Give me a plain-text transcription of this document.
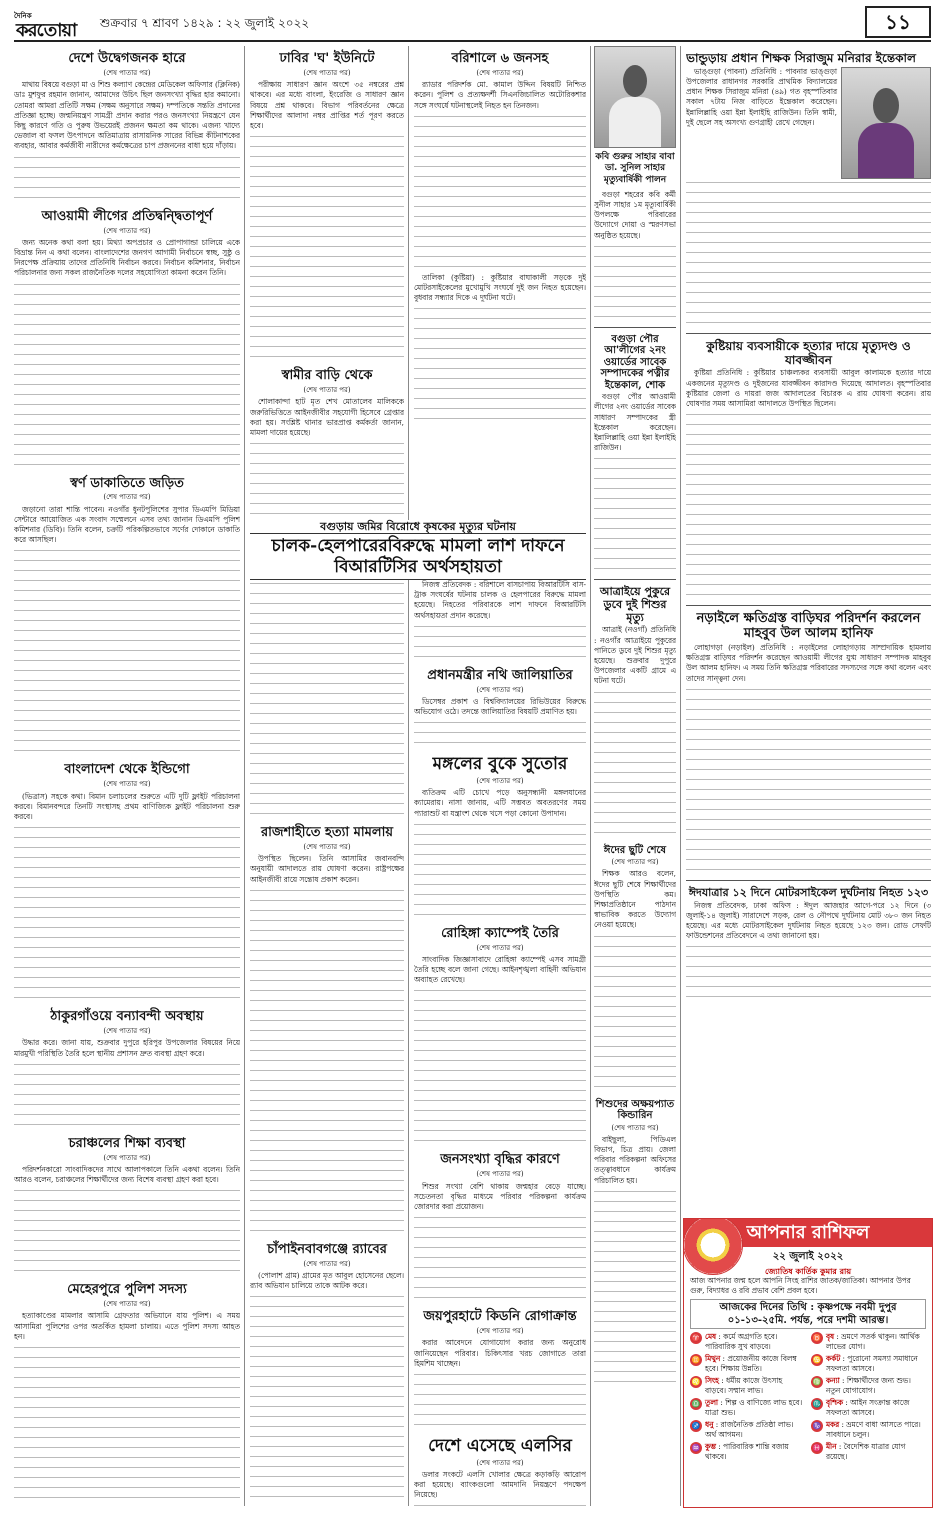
দৈনিক
করতোয়া শুক্রবার ৭ শ্রাবণ ১৪২৯ : ২২ জুলাই ২০২২	১১
দেশে উদ্বেগজনক হারে
(শেষ পাতার পর)

মাথায় বিষয়ে বগুড়া মা ও শিশু কল্যাণ কেন্দ্রের মেডিকেল অফিসার (ক্লিনিক) ডাঃ মুশফুর রহমান জানান, আমাদের উচিৎ ছিল জনসংখ্যা বৃদ্ধির হার কমানো। তোমরা আমরা প্রতিটি সক্ষম (সক্ষম অনুসারে সক্ষম) দম্পতিকে সন্ততি প্রদানের প্রতিজ্ঞা হচ্ছে। জন্মনিয়ন্ত্রণ সামগ্রী প্রদান করার পরও জনসংখ্যা নিয়ন্ত্রণে যেন কিছু কারণে গতি ও পুরুষ উভয়েরই প্রজনন ক্ষমতা কম থাকে। এজন্য খাদ্যে ভেজাল বা ফসল উৎপাদনে অতিমাত্রায় রাসায়নিক সারের বিভিন্ন কীটনাশকের ব্যবহার, আবার কর্মজীবী নারীদের কর্মক্ষেত্রের চাপ প্রজননের বাধা হয়ে দাঁড়ায়।

আওয়ামী লীগের প্রতিদ্বন্দ্বিতাপূর্ণ
(শেষ পাতার পর)

জন্য অনেক কথা বলা হয়। মিথ্যা অপপ্রচার ও প্রোপাগান্ডা চালিয়ে একে বিভ্রান্ত নিন এ কথা বলেন। বাংলাদেশের জনগণ আগামী নির্বাচনে স্বচ্ছ, সুষ্ঠু ও নিরপেক্ষ প্রক্রিয়ায় তাদের প্রতিনিধি নির্বাচন করবে। নির্বাচন কমিশনার, নির্বাচন পরিচালনার জন্য সকল রাজনৈতিক দলের সহযোগিতা কামনা করেন তিনি।

স্বর্ণ ডাকাতিতে জড়িত
(শেষ পাতার পর)

জড়ানো তারা শান্তি পাবেন। নওগাঁর ধুনটপুলিশের সুপার ডিএমপি মিডিয়া সেন্টারে আয়োজিত এক সংবাদ সম্মেলনে এসব তথ্য জানান ডিএমপি পুলিশ কমিশনার (ডিবি)। তিনি বলেন, চক্রটি পরিকল্পিতভাবে সর্ণের দোকানে ডাকাতি করে আসছিল।

বাংলাদেশ থেকে ইন্ডিগো
(শেষ পাতার পর)

(ভিত্রাস) সহকে কথা। বিমান চলাচলের শুরুতে এটি দুটি ফ্লাইট পরিচালনা করবে। বিমানবন্দরে তিনটি সংস্থাসহ প্রথম বাণিজ্যিক ফ্লাইট পরিচালনা শুরু করবে।

ঠাকুরগাঁওয়ে বন্যাবন্দী অবস্থায়
(শেষ পাতার পর)

উদ্ধার করে। জানা যায়, শুক্রবার দুপুরে হরিপুর উপজেলার বিষয়ের নিয়ে মারমুখী পরিস্থিতি তৈরি হলে স্থানীয় প্রশাসন দ্রুত ব্যবস্থা গ্রহণ করে।

চরাঞ্চলের শিক্ষা ব্যবস্থা
(শেষ পাতার পর)

পরিদর্শনকারো সাংবাদিকদের সাথে আলাপকালে তিনি একথা বলেন। তিনি আরও বলেন, চরাঞ্চলের শিক্ষার্থীদের জন্য বিশেষ ব্যবস্থা গ্রহণ করা হবে।

মেহেরপুরে পুলিশ সদস্য
(শেষ পাতার পর)

হত্যাকাণ্ডের মামলার আসামি গ্রেফতার অভিযানে যায় পুলিশ। এ সময় আসামিরা পুলিশের ওপর অতর্কিত হামলা চালায়। এতে পুলিশ সদস্য আহত হন।

ঢাবির 'ঘ' ইউনিটে
(শেষ পাতার পর)

পরীক্ষায় সাধারণ জ্ঞান অংশে ৩৫ নম্বরের প্রশ্ন থাকবে। এর মধ্যে বাংলা, ইংরেজি ও সাধারণ জ্ঞান বিষয়ে প্রশ্ন থাকবে। বিভাগ পরিবর্তনের ক্ষেত্রে শিক্ষার্থীদের আলাদা নম্বর প্রাপ্তির শর্ত পূরণ করতে হবে।

স্বামীর বাড়ি থেকে
(শেষ পাতার পর)

শোলাকান্দা হাট মৃত শেখ মোতালেব মালিককে জরুরিভিত্তিতে আইনজীবীর সহযোগী হিসেবে গ্রেপ্তার করা হয়। সংশ্লিষ্ট থানার ভারপ্রাপ্ত কর্মকর্তা জানান, মামলা দায়ের হয়েছে।

রাজশাহীতে হত্যা মামলায়
(শেষ পাতার পর)

উপস্থিত ছিলেন। তিনি আসামির জবানবন্দি অনুযায়ী আদালতে রায় ঘোষণা করেন। রাষ্ট্রপক্ষের আইনজীবী রায়ে সন্তোষ প্রকাশ করেন।

চাঁপাইনবাবগঞ্জে র‌্যাবের
(শেষ পাতার পর)

(পোলাশ গ্রাম) গ্রামের মৃত আবুল হোসেনের ছেলে। র‌্যাব অভিযান চালিয়ে তাকে আটক করে।

বরিশালে ৬ জনসহ
(শেষ পাতার পর)

র‌্যাডার পরিদর্শক মো. কামাল উদ্দিন বিষয়টি নিশ্চিত করেন। পুলিশ ও প্রত্যক্ষদর্শী সিএনজিচালিত অটোরিকশার সঙ্গে সংঘর্ষে ঘটনাস্থলেই নিহত হন তিনজন।

তালিকা (কুষ্টিয়া) : কুষ্টিয়ার বাঘাকালী সড়কে দুই মোটরসাইকেলের মুখোমুখি সংঘর্ষে দুই জন নিহত হয়েছেন। বুধবার সন্ধ্যার দিকে এ দুর্ঘটনা ঘটে।

বগুড়ায় জমির বিরোধে কৃষকের মৃত্যুর ঘটনায়
চালক-হেলপারেরবিরুদ্ধে মামলা লাশ দাফনে বিআরটিসির অর্থসহায়তা

নিজস্ব প্রতিবেদক : বরিশালে বাসচাপায় বিআরটিসি বাস-ট্রাক সংঘর্ষের ঘটনায় চালক ও হেলপারের বিরুদ্ধে মামলা হয়েছে। নিহতের পরিবারকে লাশ দাফনে বিআরটিসি অর্থসহায়তা প্রদান করেছে।

প্রধানমন্ত্রীর নথি জালিয়াতির
(শেষ পাতার পর)

ডিসেম্বর প্রকাশ ও বিশ্ববিদ্যালয়ের রিভিউয়ের বিরুদ্ধে অভিযোগ ওঠে। তদন্তে জালিয়াতির বিষয়টি প্রমাণিত হয়।

মঙ্গলের বুকে সুতোর
(শেষ পাতার পর)

ব্যতিক্রম এটি চোখে পড়ে অনুসন্ধানী মঙ্গলযানের ক্যামেরায়। নাসা জানায়, এটি সম্ভবত অবতরণের সময় প্যারাশুট বা যন্ত্রাংশ থেকে খসে পড়া কোনো উপাদান।

রোহিঙ্গা ক্যাম্পেই তৈরি
(শেষ পাতার পর)

সাংবাদিক জিজ্ঞাসাবাদে রোহিঙ্গা ক্যাম্পেই এসব সামগ্রী তৈরি হচ্ছে বলে জানা গেছে। আইনশৃঙ্খলা বাহিনী অভিযান অব্যাহত রেখেছে।

জনসংখ্যা বৃদ্ধির কারণে
(শেষ পাতার পর)

শিশুর সংখ্যা বেশি থাকায় জন্মহার বেড়ে যাচ্ছে। সচেতনতা বৃদ্ধির মাধ্যমে পরিবার পরিকল্পনা কার্যক্রম জোরদার করা প্রয়োজন।

জয়পুরহাটে কিডনি রোগাক্রান্ত
(শেষ পাতার পর)

করার আবেদনে যোগাযোগ করার জন্য অনুরোধ জানিয়েছেন পরিবার। চিকিৎসার খরচ জোগাতে তারা হিমশিম খাচ্ছেন।

দেশে এসেছে এলসির
(শেষ পাতার পর)

ডলার সংকটে এলসি খোলার ক্ষেত্রে কড়াকড়ি আরোপ করা হয়েছে। ব্যাংকগুলো আমদানি নিয়ন্ত্রণে পদক্ষেপ নিয়েছে।

কবি গুরুর সাহার বাবা ডা. সুনিল সাহার মৃত্যুবার্ষিকী পালন

বগুড়া শহরের কবি কর্মী সুনীল সাহার ১ম মৃত্যুবার্ষিকী উপলক্ষে পরিবারের উদ্যোগে দোয়া ও স্মরণসভা অনুষ্ঠিত হয়েছে।

বগুড়া পৌর আ'লীগের ২নং ওয়ার্ডের সাবেক সম্পাদকের পত্নীর ইন্তেকাল, শোক

বগুড়া পৌর আওয়ামী লীগের ২নং ওয়ার্ডের সাবেক সাধারণ সম্পাদকের স্ত্রী ইন্তেকাল করেছেন। ইন্নালিল্লাহি ওয়া ইন্না ইলাইহি রাজিউন।

আত্রাইয়ে পুকুরে ডুবে দুই শিশুর মৃত্যু

আত্রাই (নওগাঁ) প্রতিনিধি : নওগাঁর আত্রাইয়ে পুকুরের পানিতে ডুবে দুই শিশুর মৃত্যু হয়েছে। শুক্রবার দুপুরে উপজেলার একটি গ্রামে এ ঘটনা ঘটে।

ঈদের ছুটি শেষে
(শেষ পাতার পর)

শিক্ষক আরও বলেন, ঈদের ছুটি শেষে শিক্ষার্থীদের উপস্থিতি কম। শিক্ষাপ্রতিষ্ঠানে পাঠদান স্বাভাবিক করতে উদ্যোগ নেওয়া হয়েছে।

শিশুদের অক্ষয়প্যাত কিন্ডারিন
(শেষ পাতার পর)

বাইছুলা, পিডিএল বিভাগ, চিত্র প্রায়। জেলা পরিবার পরিকল্পনা অফিসের তত্ত্বাবধানে কার্যক্রম পরিচালিত হয়।

ভান্ডুড়ায় প্রধান শিক্ষক সিরাজুম মনিরার ইন্তেকাল

ভাঙ্গুড়া (পাবনা) প্রতিনিধি : পাবনার ভাঙ্গুড়া উপজেলার রাধানগর সরকারি প্রাথমিক বিদ্যালয়ের প্রধান শিক্ষক সিরাজুম মনিরা (৪৯) গত বৃহস্পতিবার সকাল ৭টায় নিজ বাড়িতে ইন্তেকাল করেছেন। ইন্নালিল্লাহি ওয়া ইন্না ইলাইহি রাজিউন। তিনি স্বামী, দুই ছেলে সহ অসংখ্য গুণগ্রাহী রেখে গেছেন।

কুষ্টিয়ায় ব্যবসায়ীকে হত্যার দায়ে মৃত্যুদণ্ড ও যাবজ্জীবন

কুষ্টিয়া প্রতিনিধি : কুষ্টিয়ার চাঞ্চল্যকর ব্যবসায়ী আবুল কালামকে হত্যার দায়ে একজনের মৃত্যুদণ্ড ও দুইজনের যাবজ্জীবন কারাদণ্ড দিয়েছে আদালত। বৃহস্পতিবার কুষ্টিয়ার জেলা ও দায়রা জজ আদালতের বিচারক এ রায় ঘোষণা করেন। রায় ঘোষণার সময় আসামিরা আদালতে উপস্থিত ছিলেন।

নড়াইলে ক্ষতিগ্রস্ত বাড়িঘর পরিদর্শন করলেন মাহবুব উল আলম হানিফ

লোহাগড়া (নড়াইল) প্রতিনিধি : নড়াইলের লোহাগড়ায় সাম্প্রদায়িক হামলায় ক্ষতিগ্রস্ত বাড়িঘর পরিদর্শন করেছেন আওয়ামী লীগের যুগ্ম সাধারণ সম্পাদক মাহবুব উল আলম হানিফ। এ সময় তিনি ক্ষতিগ্রস্ত পরিবারের সদস্যদের সঙ্গে কথা বলেন এবং তাদের সান্ত্বনা দেন।

ঈদযাত্রার ১২ দিনে মোটরসাইকেল দুর্ঘটনায় নিহত ১২৩

নিজস্ব প্রতিবেদক, ঢাকা অফিস : ঈদুল আজহার আগে-পরে ১২ দিনে (৩ জুলাই-১৪ জুলাই) সারাদেশে সড়ক, রেল ও নৌপথে দুর্ঘটনায় মোট ৩৮০ জন নিহত হয়েছে। এর মধ্যে মোটরসাইকেল দুর্ঘটনায় নিহত হয়েছে ১২৩ জন। রোড সেফটি ফাউন্ডেশনের প্রতিবেদনে এ তথ্য জানানো হয়।

আপনার রাশিফল
২২ জুলাই ২০২২
জ্যোতিষ কার্তিক কুমার রায়
আজ আপনার জন্ম হলে আপনি সিংহ রাশির জাতক/জাতিকা। আপনার উপর গুরু, বিদ্যাধর ও রবি প্রভাব বেশি প্রবল হবে।
আজকের দিনের তিথি : কৃষ্ণপক্ষে নবমী দুপুর ০১-১৩-২৫মি. পর্যন্ত, পরে দশমী আরম্ভ।
♈ মেষ : কর্মে অগ্রগতি হবে। পারিবারিক সুখ বাড়বে।
♉ বৃষ : ভ্রমণে সতর্ক থাকুন। আর্থিক লাভের যোগ।
♊ মিথুন : প্রয়োজনীয় কাজে বিলম্ব হবে। শিক্ষায় উন্নতি।
♋ কর্কট : পুরোনো সমস্যা সমাধানে সফলতা আসবে।
♌ সিংহ : ধর্মীয় কাজে উৎসাহ বাড়বে। সম্মান লাভ।
♍ কন্যা : শিক্ষার্থীদের জন্য শুভ। নতুন যোগাযোগ।
♎ তুলা : শিল্প ও বাণিজ্যে লাভ হবে। যাত্রা শুভ।
♏ বৃশ্চিক : আইন সংক্রান্ত কাজে সফলতা আসবে।
♐ ধনু : রাজনৈতিক প্রতিষ্ঠা লাভ। অর্থ আগমন।
♑ মকর : ভ্রমণে বাধা আসতে পারে। সাবধানে চলুন।
♒ কুম্ভ : পারিবারিক শান্তি বজায় থাকবে।
♓ মীন : বৈদেশিক যাত্রার যোগ রয়েছে।
